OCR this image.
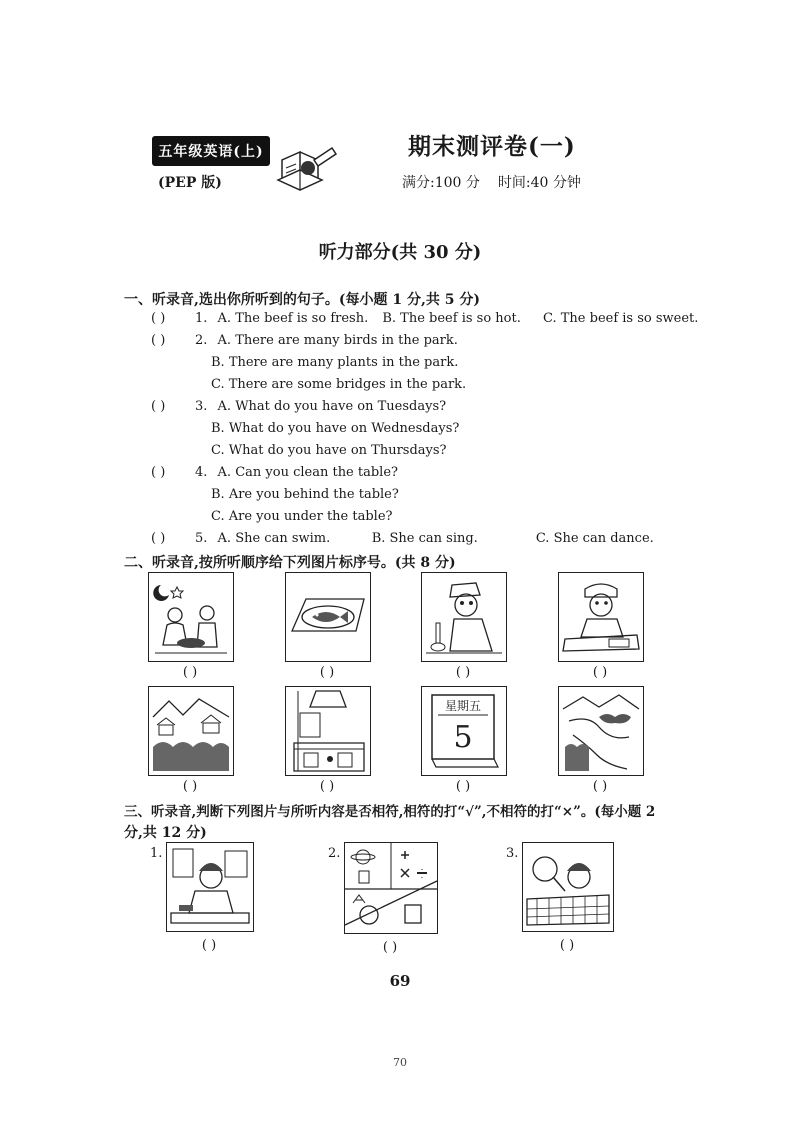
五年级英语(上)
(PEP 版)
期末测评卷(一)
满分:100 分 时间:40 分钟
听力部分(共 30 分)
一、听录音,选出你所听到的句子。(每小题 1 分,共 5 分)
( ) 1. A. The beef is so fresh. B. The beef is so hot. C. The beef is so sweet.
( ) 2. A. There are many birds in the park.
B. There are many plants in the park.
C. There are some bridges in the park.
( ) 3. A. What do you have on Tuesdays?
B. What do you have on Wednesdays?
C. What do you have on Thursdays?
( ) 4. A. Can you clean the table?
B. Are you behind the table?
C. Are you under the table?
( ) 5. A. She can swim.	B. She can sing.	C. She can dance.
二、听录音,按所听顺序给下列图片标序号。(共 8 分)
( )	( )	( )	( )
( )	( )
星期五
5
( )	( )
三、听录音,判断下列图片与所听内容是否相符,相符的打“√”,不相符的打“×”。(每小题 2
分,共 12 分)
1.
( )
2.
( )
3.
( )
69
70
